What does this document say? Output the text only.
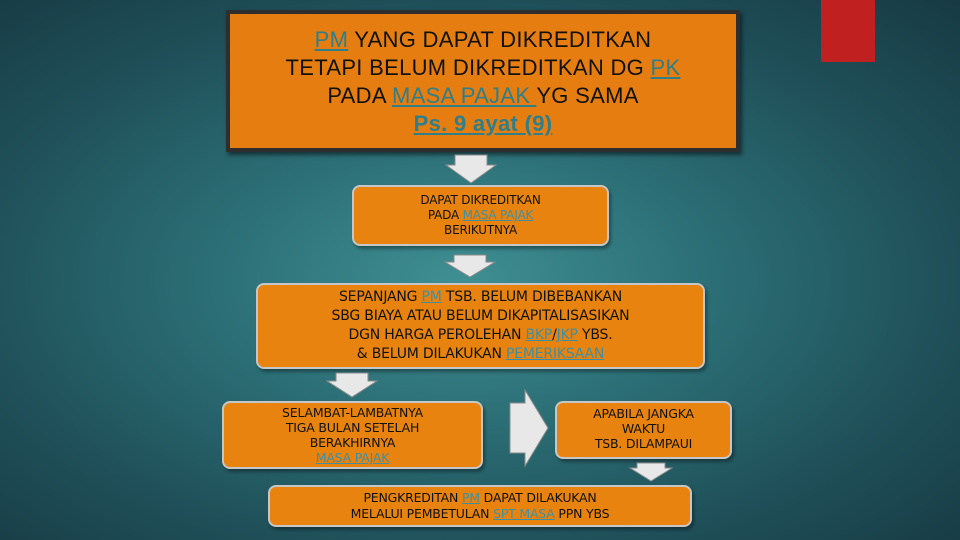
PM YANG DAPAT DIKREDITKAN
TETAPI BELUM DIKREDITKAN DG PK
PADA MASA PAJAK YG SAMA
Ps. 9 ayat (9)
DAPAT DIKREDITKAN
PADA MASA PAJAK
BERIKUTNYA
SEPANJANG PM TSB. BELUM DIBEBANKAN
SBG BIAYA ATAU BELUM DIKAPITALISASIKAN
DGN HARGA PEROLEHAN BKP/JKP YBS.
& BELUM DILAKUKAN PEMERIKSAAN
SELAMBAT-LAMBATNYA
TIGA BULAN SETELAH
BERAKHIRNYA
MASA PAJAK
APABILA JANGKA
WAKTU
TSB. DILAMPAUI
PENGKREDITAN PM DAPAT DILAKUKAN
MELALUI PEMBETULAN SPT MASA PPN YBS
